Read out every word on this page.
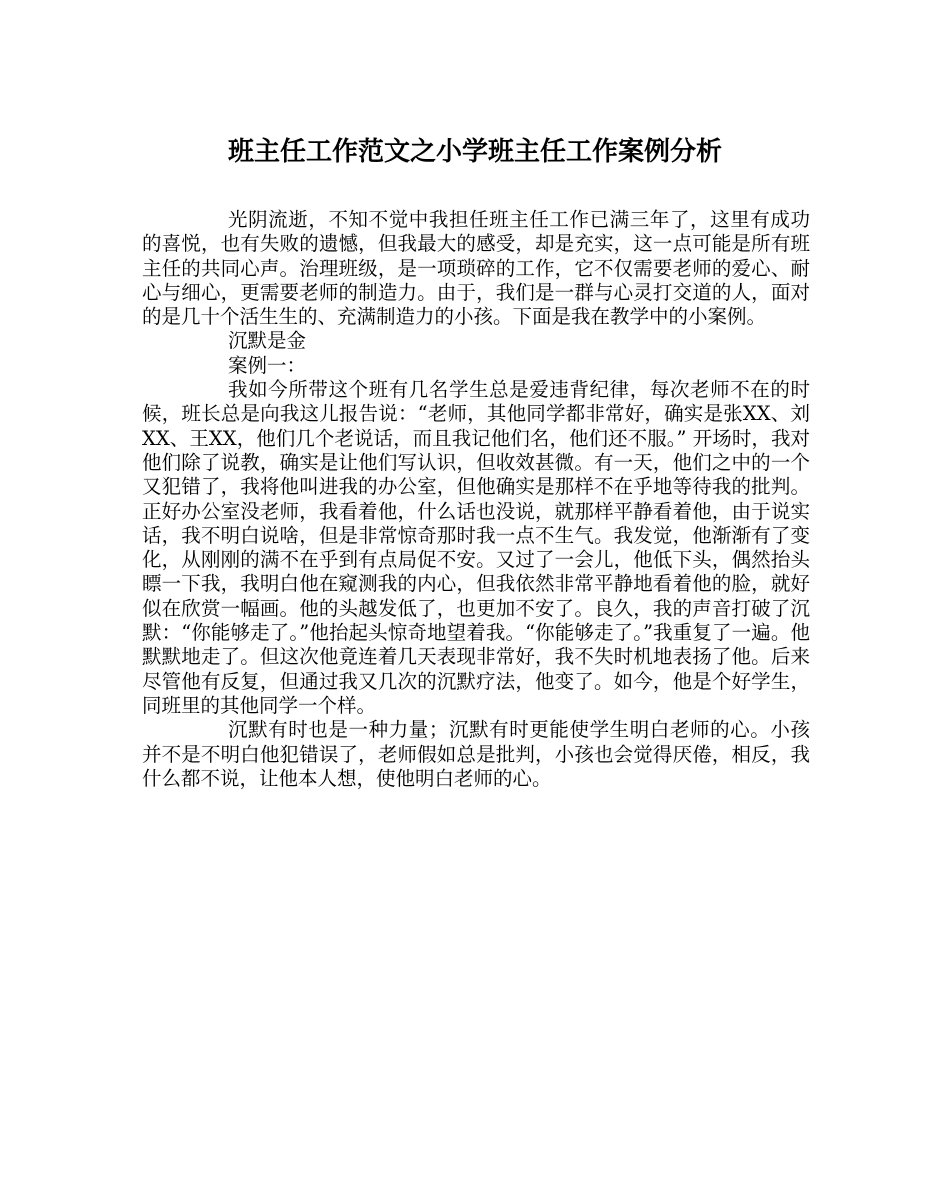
班主任工作范文之小学班主任工作案例分析

光阴流逝，不知不觉中我担任班主任工作已满三年了，这里有成功的喜悦，也有失败的遗憾，但我最大的感受，却是充实，这一点可能是所有班主任的共同心声。治理班级，是一项琐碎的工作，它不仅需要老师的爱心、耐心与细心，更需要老师的制造力。由于，我们是一群与心灵打交道的人，面对的是几十个活生生的、充满制造力的小孩。下面是我在教学中的小案例。

沉默是金

案例一：

我如今所带这个班有几名学生总是爱违背纪律，每次老师不在的时候，班长总是向我这儿报告说：“老师，其他同学都非常好，确实是张XX、刘XX、王XX，他们几个老说话，而且我记他们名，他们还不服。” 开场时，我对他们除了说教，确实是让他们写认识，但收效甚微。有一天，他们之中的一个又犯错了，我将他叫进我的办公室，但他确实是那样不在乎地等待我的批判。正好办公室没老师，我看着他，什么话也没说，就那样平静看着他，由于说实话，我不明白说啥，但是非常惊奇那时我一点不生气。我发觉，他渐渐有了变化，从刚刚的满不在乎到有点局促不安。又过了一会儿，他低下头，偶然抬头瞟一下我，我明白他在窥测我的内心，但我依然非常平静地看着他的脸，就好似在欣赏一幅画。他的头越发低了，也更加不安了。良久，我的声音打破了沉默：“你能够走了。”他抬起头惊奇地望着我。“你能够走了。”我重复了一遍。他默默地走了。但这次他竟连着几天表现非常好，我不失时机地表扬了他。后来尽管他有反复，但通过我又几次的沉默疗法，他变了。如今，他是个好学生，同班里的其他同学一个样。

沉默有时也是一种力量；沉默有时更能使学生明白老师的心。小孩并不是不明白他犯错误了，老师假如总是批判，小孩也会觉得厌倦，相反，我什么都不说，让他本人想，使他明白老师的心。
